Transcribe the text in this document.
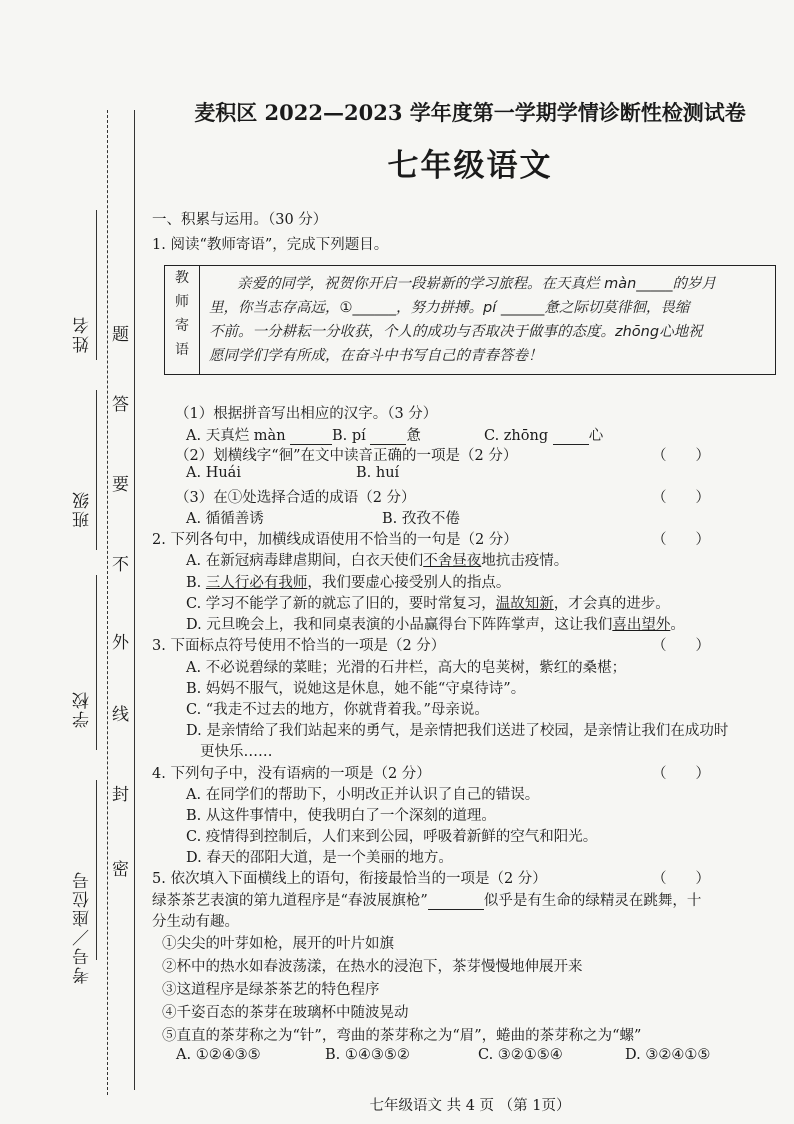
姓名
班级
学校
考号／座位号
题
答
要
不
外
线
封
密
麦积区 2022—2023 学年度第一学期学情诊断性检测试卷
七年级语文
一、积累与运用。（30 分）
1. 阅读“教师寄语”，完成下列题目。
教
师
寄
语

亲爱的同学，祝贺你开启一段崭新的学习旅程。在天真烂 màn_____的岁月

里，你当志存高远，①______，努力拼搏。pí ______惫之际切莫徘徊，畏缩

不前。一分耕耘一分收获，个人的成功与否取决于做事的态度。zhōng心地祝

愿同学们学有所成，在奋斗中书写自己的青春答卷！

（1）根据拼音写出相应的汉字。（3 分）
A. 天真烂 màn	B. pí	惫	C. zhōng	心
（2）划横线字“徊”在文中读音正确的一项是（2 分）	（　　）
A. Huái	B. huí
（3）在①处选择合适的成语（2 分）	（　　）
A. 循循善诱	B. 孜孜不倦
2. 下列各句中，加横线成语使用不恰当的一句是（2 分）	（　　）
A. 在新冠病毒肆虐期间，白衣天使们不舍昼夜地抗击疫情。
B. 三人行必有我师，我们要虚心接受别人的指点。
C. 学习不能学了新的就忘了旧的，要时常复习，温故知新，才会真的进步。
D. 元旦晚会上，我和同桌表演的小品赢得台下阵阵掌声，这让我们喜出望外。
3. 下面标点符号使用不恰当的一项是（2 分）	（　　）
A. 不必说碧绿的菜畦；光滑的石井栏，高大的皂荚树，紫红的桑椹；
B. 妈妈不服气，说她这是休息，她不能“守桌待诗”。
C. “我走不过去的地方，你就背着我。”母亲说。
D. 是亲情给了我们站起来的勇气，是亲情把我们送进了校园，是亲情让我们在成功时
更快乐……
4. 下列句子中，没有语病的一项是（2 分）	（　　）
A. 在同学们的帮助下，小明改正并认识了自己的错误。
B. 从这件事情中，使我明白了一个深刻的道理。
C. 疫情得到控制后，人们来到公园，呼吸着新鲜的空气和阳光。
D. 春天的邵阳大道，是一个美丽的地方。
5. 依次填入下面横线上的语句，衔接最恰当的一项是（2 分）	（　　）
绿茶茶艺表演的第九道程序是“春波展旗枪”	似乎是有生命的绿精灵在跳舞，十
分生动有趣。
①尖尖的叶芽如枪，展开的叶片如旗
②杯中的热水如春波荡漾，在热水的浸泡下，茶芽慢慢地伸展开来
③这道程序是绿茶茶艺的特色程序
④千姿百态的茶芽在玻璃杯中随波晃动
⑤直直的茶芽称之为“针”，弯曲的茶芽称之为“眉”，蜷曲的茶芽称之为“螺”
A. ①②④③⑤	B. ①④③⑤②	C. ③②①⑤④	D. ③②④①⑤
七年级语文 共 4 页 （第 1页）
